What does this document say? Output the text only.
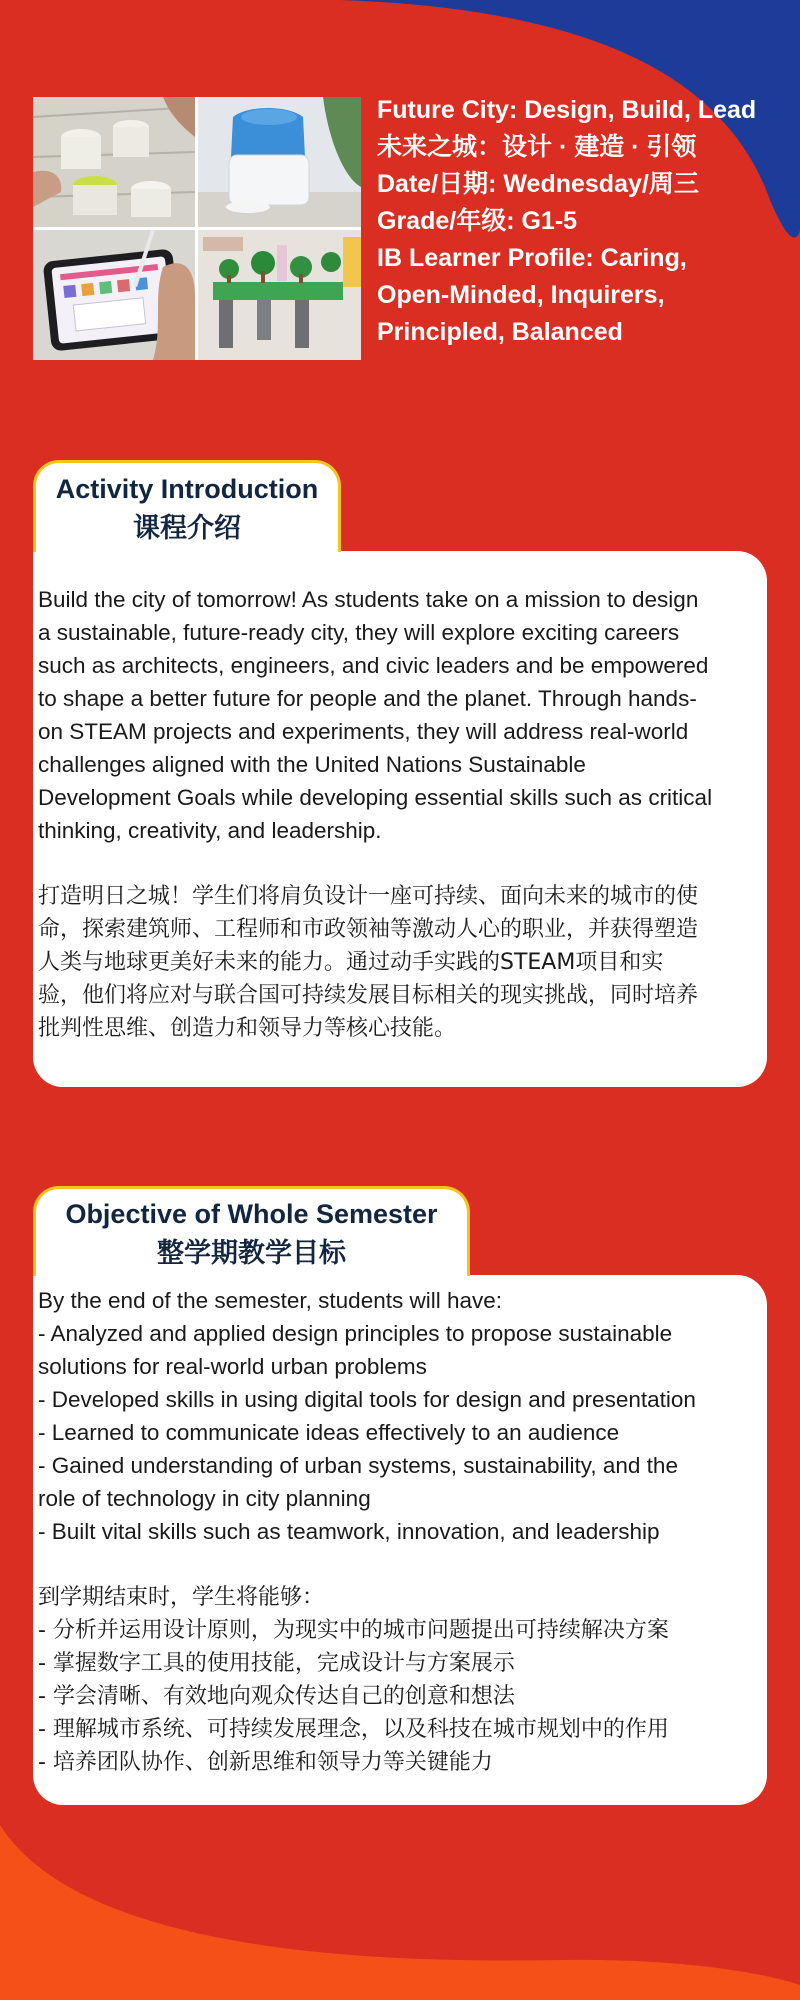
Future City: Design, Build, Lead
未来之城：设计 · 建造 · 引领
Date/日期: Wednesday/周三
Grade/年级: G1-5
IB Learner Profile: Caring,
Open-Minded, Inquirers,
Principled, Balanced
Activity Introduction
课程介绍

Build the city of tomorrow! As students take on a mission to design
a sustainable, future-ready city, they will explore exciting careers
such as architects, engineers, and civic leaders and be empowered
to shape a better future for people and the planet. Through hands-
on STEAM projects and experiments, they will address real-world
challenges aligned with the United Nations Sustainable
Development Goals while developing essential skills such as critical
thinking, creativity, and leadership.

打造明日之城！学生们将肩负设计一座可持续、面向未来的城市的使
命，探索建筑师、工程师和市政领袖等激动人心的职业，并获得塑造
人类与地球更美好未来的能力。通过动手实践的STEAM项目和实
验，他们将应对与联合国可持续发展目标相关的现实挑战，同时培养
批判性思维、创造力和领导力等核心技能。

Objective of Whole Semester
整学期教学目标

By the end of the semester, students will have:
- Analyzed and applied design principles to propose sustainable
solutions for real-world urban problems
- Developed skills in using digital tools for design and presentation
- Learned to communicate ideas effectively to an audience
- Gained understanding of urban systems, sustainability, and the
role of technology in city planning
- Built vital skills such as teamwork, innovation, and leadership

到学期结束时，学生将能够：
- 分析并运用设计原则，为现实中的城市问题提出可持续解决方案
- 掌握数字工具的使用技能，完成设计与方案展示
- 学会清晰、有效地向观众传达自己的创意和想法
- 理解城市系统、可持续发展理念，以及科技在城市规划中的作用
- 培养团队协作、创新思维和领导力等关键能力
